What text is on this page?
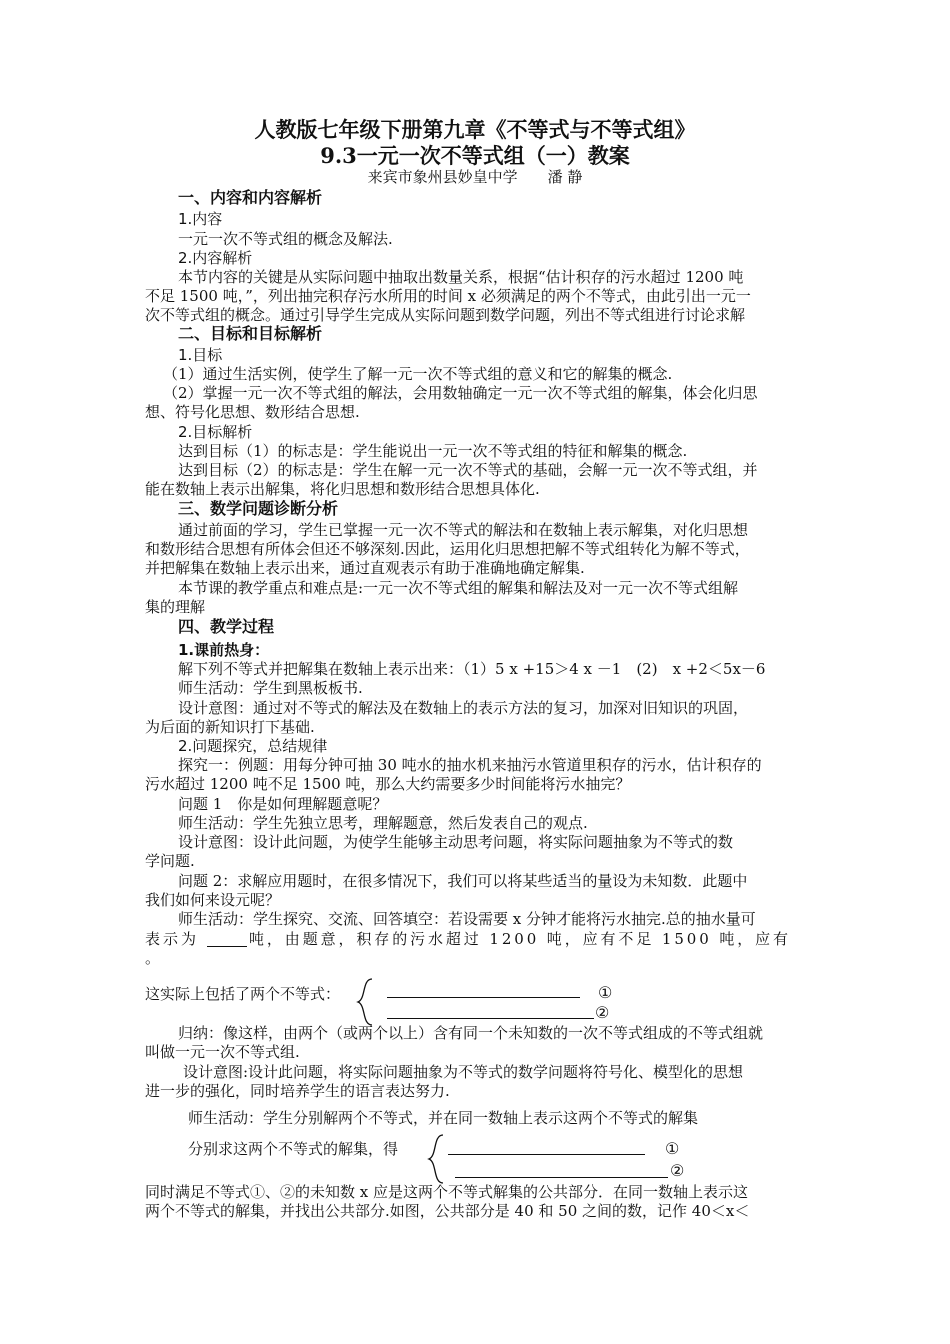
人教版七年级下册第九章《不等式与不等式组》
9.3一元一次不等式组（一）教案
来宾市象州县妙皇中学　　潘 静
一、内容和内容解析
1.内容
一元一次不等式组的概念及解法.
2.内容解析
本节内容的关键是从实际问题中抽取出数量关系，根据“估计积存的污水超过 1200 吨
不足 1500 吨，”，列出抽完积存污水所用的时间 x 必须满足的两个不等式，由此引出一元一
次不等式组的概念。通过引导学生完成从实际问题到数学问题，列出不等式组进行讨论求解
二、目标和目标解析
1.目标
（1）通过生活实例，使学生了解一元一次不等式组的意义和它的解集的概念.
（2）掌握一元一次不等式组的解法，会用数轴确定一元一次不等式组的解集，体会化归思
想、符号化思想、数形结合思想.
2.目标解析
达到目标（1）的标志是：学生能说出一元一次不等式组的特征和解集的概念.
达到目标（2）的标志是：学生在解一元一次不等式的基础，会解一元一次不等式组，并
能在数轴上表示出解集，将化归思想和数形结合思想具体化.
三、数学问题诊断分析
通过前面的学习，学生已掌握一元一次不等式的解法和在数轴上表示解集，对化归思想
和数形结合思想有所体会但还不够深刻.因此，运用化归思想把解不等式组转化为解不等式，
并把解集在数轴上表示出来，通过直观表示有助于准确地确定解集.
本节课的教学重点和难点是:一元一次不等式组的解集和解法及对一元一次不等式组解
集的理解
四、教学过程
1.课前热身：
解下列不等式并把解集在数轴上表示出来：（1）5 x +15＞4 x －1　(2)　x +2＜5x－6
师生活动：学生到黑板板书.
设计意图：通过对不等式的解法及在数轴上的表示方法的复习，加深对旧知识的巩固，
为后面的新知识打下基础.
2.问题探究，总结规律
探究一：例题：用每分钟可抽 30 吨水的抽水机来抽污水管道里积存的污水，估计积存的
污水超过 1200 吨不足 1500 吨，那么大约需要多少时间能将污水抽完？
问题 1　你是如何理解题意呢？
师生活动：学生先独立思考，理解题意，然后发表自己的观点.
设计意图：设计此问题，为使学生能够主动思考问题，将实际问题抽象为不等式的数
学问题.
问题 2：求解应用题时，在很多情况下，我们可以将某些适当的量设为未知数．此题中
我们如何来设元呢？
师生活动：学生探究、交流、回答填空：若设需要 x 分钟才能将污水抽完.总的抽水量可
表示为	吨，由题意，积存的污水超过 1200 吨，应有不足 1500 吨，应有
。
这实际上包括了两个不等式：	①
②
归纳：像这样，由两个（或两个以上）含有同一个未知数的一次不等式组成的不等式组就
叫做一元一次不等式组.
设计意图:设计此问题，将实际问题抽象为不等式的数学问题将符号化、模型化的思想
进一步的强化，同时培养学生的语言表达努力.
师生活动：学生分别解两个不等式，并在同一数轴上表示这两个不等式的解集
分别求这两个不等式的解集，得	①
②
同时满足不等式①、②的未知数 x 应是这两个不等式解集的公共部分．在同一数轴上表示这
两个不等式的解集，并找出公共部分.如图，公共部分是 40 和 50 之间的数，记作 40＜x＜
